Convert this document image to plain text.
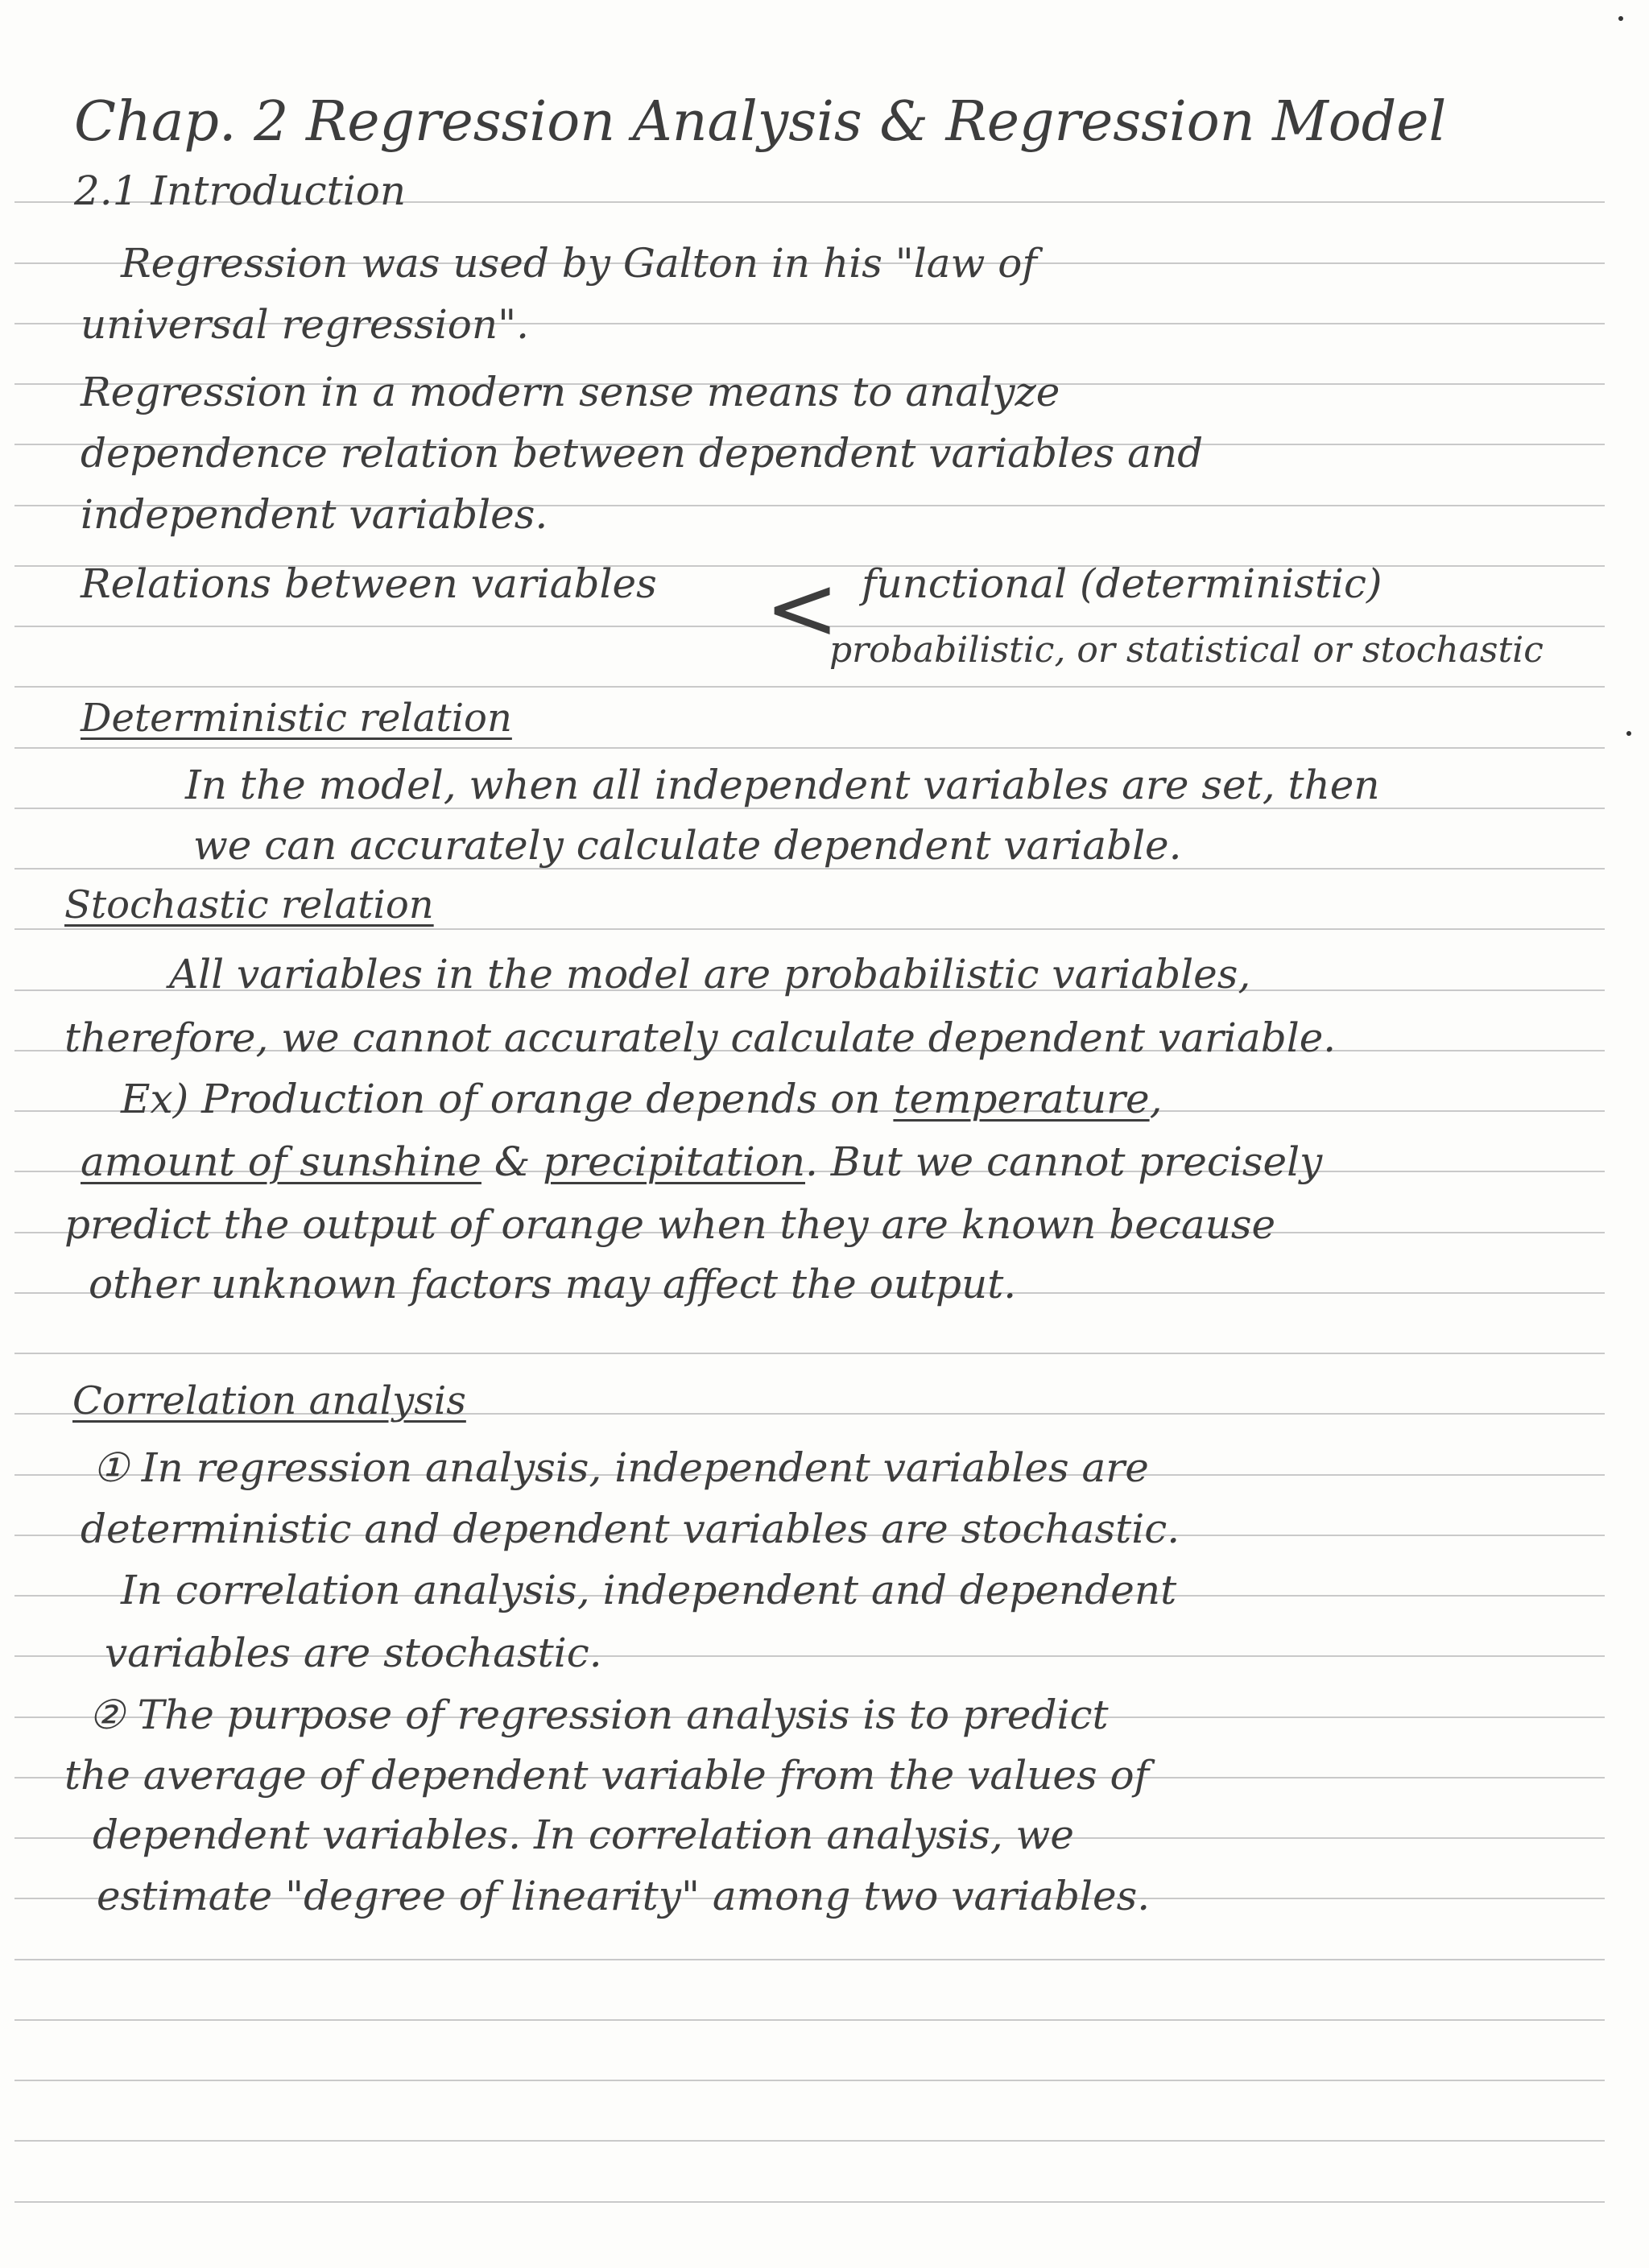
Chap. 2 Regression Analysis & Regression Model
2.1 Introduction
Regression was used by Galton in his "law of
universal regression".
Regression in a modern sense means to analyze
dependence relation between dependent variables and
independent variables.
Relations between variables < functional (deterministic)
probabilistic, or statistical or stochastic
Deterministic relation
In the model, when all independent variables are set, then
we can accurately calculate dependent variable.
Stochastic relation
All variables in the model are probabilistic variables,
therefore, we cannot accurately calculate dependent variable.
Ex) Production of orange depends on temperature,
amount of sunshine & precipitation. But we cannot precisely
predict the output of orange when they are known because
other unknown factors may affect the output.
Correlation analysis
① In regression analysis, independent variables are
deterministic and dependent variables are stochastic.
In correlation analysis, independent and dependent
variables are stochastic.
② The purpose of regression analysis is to predict
the average of dependent variable from the values of
dependent variables. In correlation analysis, we
estimate "degree of linearity" among two variables.
